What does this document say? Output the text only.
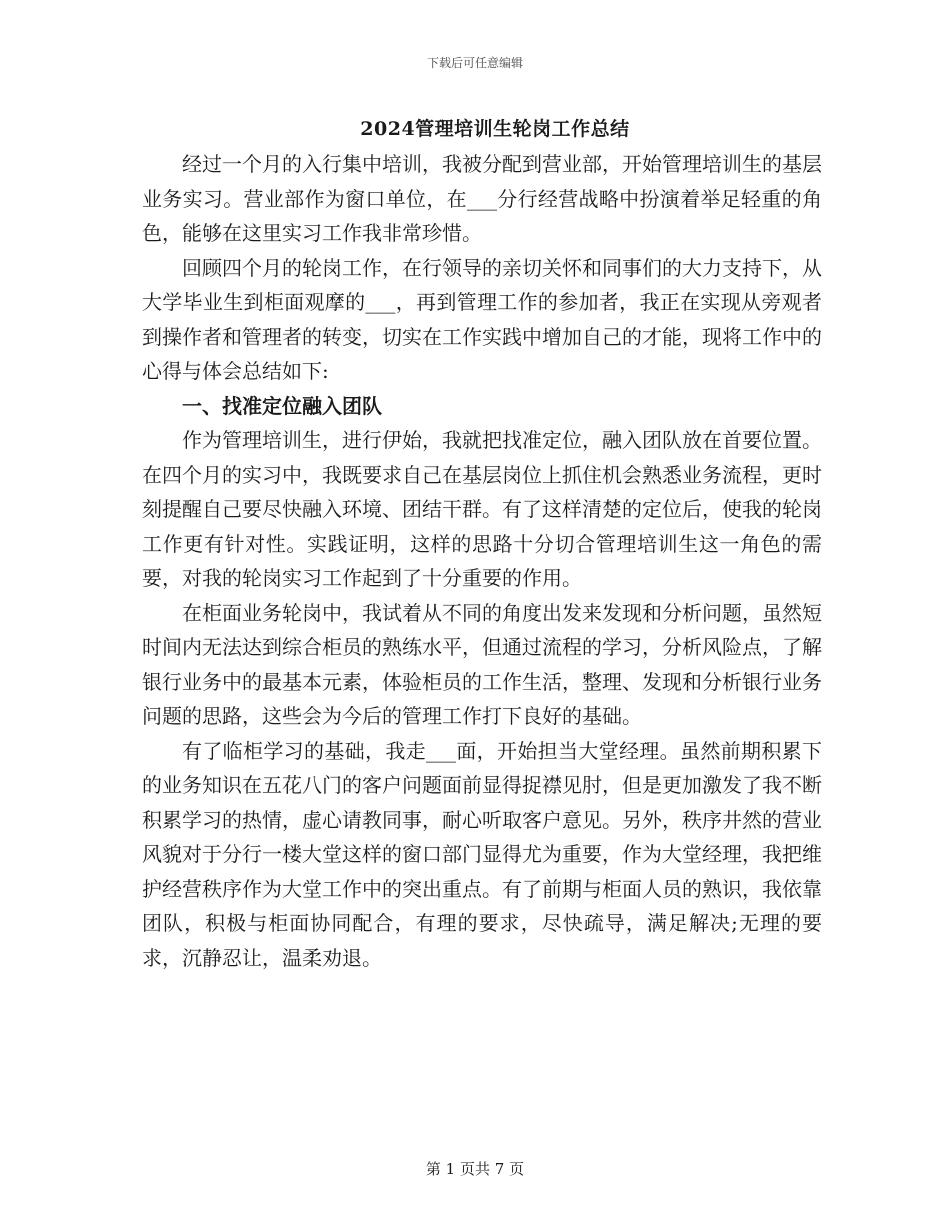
下载后可任意编辑
2024管理培训生轮岗工作总结

经过一个月的入行集中培训，我被分配到营业部，开始管理培训生的基层业务实习。营业部作为窗口单位，在___分行经营战略中扮演着举足轻重的角色，能够在这里实习工作我非常珍惜。

回顾四个月的轮岗工作，在行领导的亲切关怀和同事们的大力支持下，从大学毕业生到柜面观摩的___，再到管理工作的参加者，我正在实现从旁观者到操作者和管理者的转变，切实在工作实践中增加自己的才能，现将工作中的心得与体会总结如下:

一、找准定位融入团队

作为管理培训生，进行伊始，我就把找准定位，融入团队放在首要位置。在四个月的实习中，我既要求自己在基层岗位上抓住机会熟悉业务流程，更时刻提醒自己要尽快融入环境、团结干群。有了这样清楚的定位后，使我的轮岗工作更有针对性。实践证明，这样的思路十分切合管理培训生这一角色的需要，对我的轮岗实习工作起到了十分重要的作用。

在柜面业务轮岗中，我试着从不同的角度出发来发现和分析问题，虽然短时间内无法达到综合柜员的熟练水平，但通过流程的学习，分析风险点，了解银行业务中的最基本元素，体验柜员的工作生活，整理、发现和分析银行业务问题的思路，这些会为今后的管理工作打下良好的基础。

有了临柜学习的基础，我走___面，开始担当大堂经理。虽然前期积累下的业务知识在五花八门的客户问题面前显得捉襟见肘，但是更加激发了我不断积累学习的热情，虚心请教同事，耐心听取客户意见。另外，秩序井然的营业风貌对于分行一楼大堂这样的窗口部门显得尤为重要，作为大堂经理，我把维护经营秩序作为大堂工作中的突出重点。有了前期与柜面人员的熟识，我依靠团队，积极与柜面协同配合，有理的要求，尽快疏导，满足解决;无理的要求，沉静忍让，温柔劝退。

第 1 页共 7 页
